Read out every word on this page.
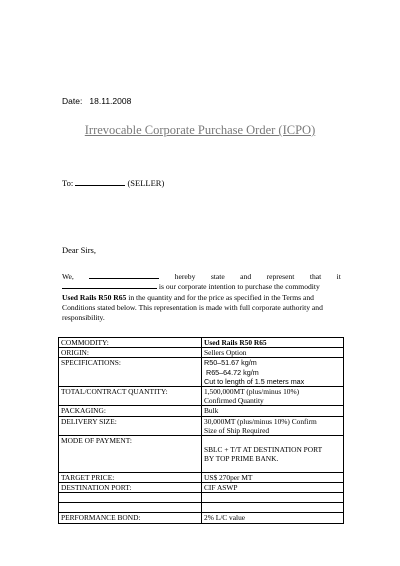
Date:   18.11.2008
Irrevocable Corporate Purchase Order (ICPO)
To:	(SELLER)
Dear Sirs,
We,	hereby state and represent that it
is our corporate intention to purchase the commodity
Used Rails R50 R65 in the quantity and for the price as specified in the Terms and
Conditions stated below. This representation is made with full corporate authority and
responsibility.
COMMODITY:	Used Rails R50 R65
ORIGIN:	Sellers Option
SPECIFICATIONS:	R50–51.67 kg/m
R65–64.72 kg/m
Cut to length of 1.5 meters max

TOTAL/CONTRACT QUANTITY:	1,500,000MT (plus/minus 10%)
Confirmed Quantity

PACKAGING:	Bulk
DELIVERY SIZE:	30,000MT (plus/minus 10%) Confirm
Size of Ship Required

MODE OF PAYMENT:	SBLC + T/T AT DESTINATION PORT
BY TOP PRIME BANK.

TARGET PRICE:	US$ 270per MT
DESTINATION PORT:	CIF ASWP

PERFORMANCE BOND:	2% L/C value
